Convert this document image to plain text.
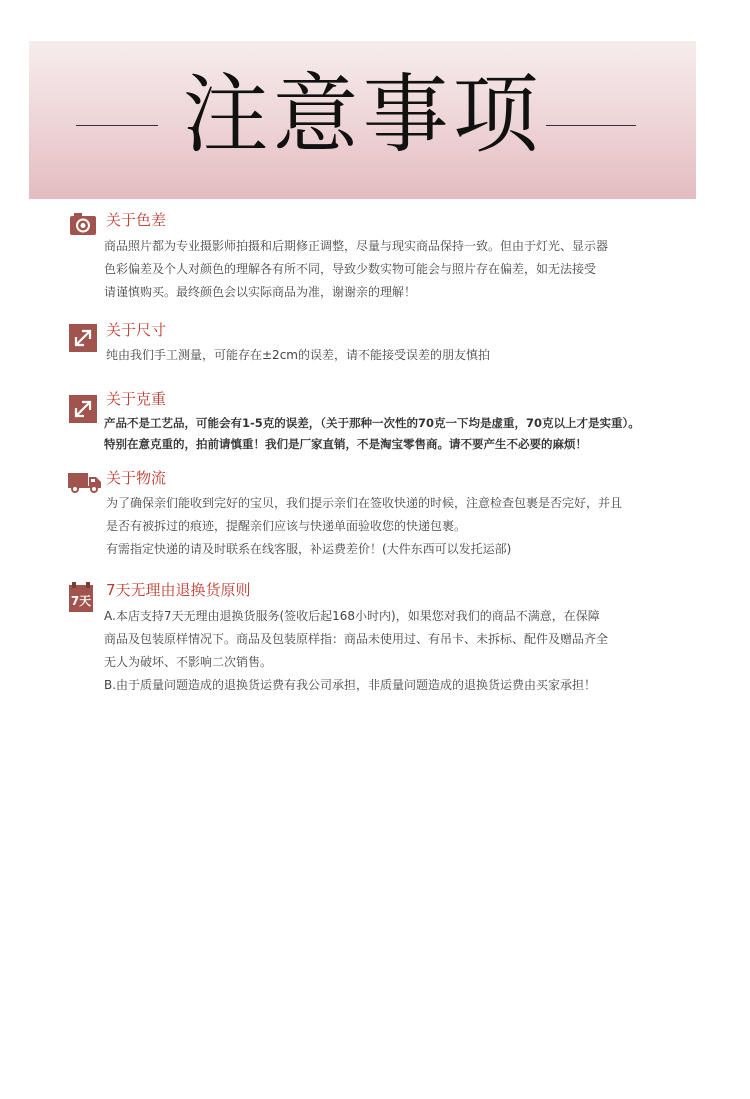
注意事项
关于色差
商品照片都为专业摄影师拍摄和后期修正调整，尽量与现实商品保持一致。但由于灯光、显示器
色彩偏差及个人对颜色的理解各有所不同，导致少数实物可能会与照片存在偏差，如无法接受
请谨慎购买。最终颜色会以实际商品为准，谢谢亲的理解！
关于尺寸
纯由我们手工测量，可能存在±2cm的误差，请不能接受误差的朋友慎拍
关于克重
产品不是工艺品，可能会有1-5克的误差，（关于那种一次性的70克一下均是虚重，70克以上才是实重）。
特别在意克重的，拍前请慎重！我们是厂家直销，不是淘宝零售商。请不要产生不必要的麻烦！
关于物流
为了确保亲们能收到完好的宝贝，我们提示亲们在签收快递的时候，注意检查包裹是否完好，并且
是否有被拆过的痕迹，提醒亲们应该与快递单面验收您的快递包裹。
有需指定快递的请及时联系在线客服，补运费差价！(大件东西可以发托运部)
7天
7天无理由退换货原则
A.本店支持7天无理由退换货服务(签收后起168小时内)，如果您对我们的商品不满意，在保障
商品及包装原样情况下。商品及包装原样指：商品未使用过、有吊卡、未拆标、配件及赠品齐全
无人为破坏、不影响二次销售。
B.由于质量问题造成的退换货运费有我公司承担，非质量问题造成的退换货运费由买家承担！
